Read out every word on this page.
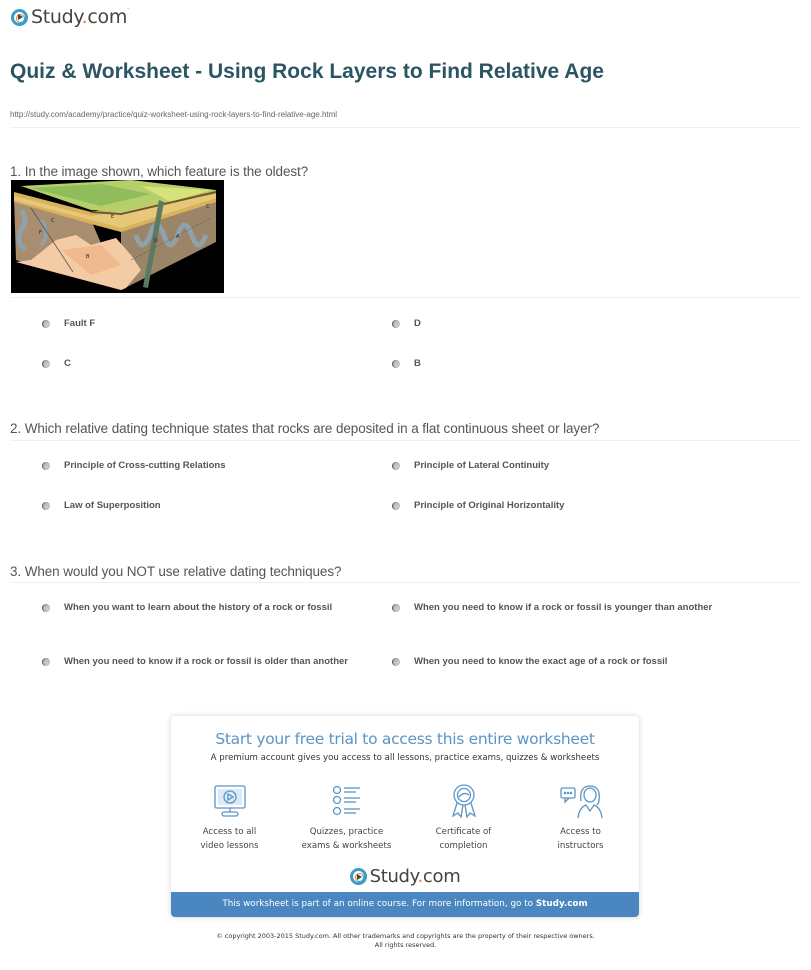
Study.com·
Quiz & Worksheet - Using Rock Layers to Find Relative Age
http://study.com/academy/practice/quiz-worksheet-using-rock-layers-to-find-relative-age.html
1. In the image shown, which feature is the oldest?
C
E
C
F
D
A
B
Fault F	D
C	B
2. Which relative dating technique states that rocks are deposited in a flat continuous sheet or layer?
Principle of Cross-cutting Relations	Principle of Lateral Continuity
Law of Superposition	Principle of Original Horizontality
3. When would you NOT use relative dating techniques?
When you want to learn about the history of a rock or fossil	When you need to know if a rock or fossil is younger than another
When you need to know if a rock or fossil is older than another	When you need to know the exact age of a rock or fossil
Start your free trial to access this entire worksheet
A premium account gives you access to all lessons, practice exams, quizzes & worksheets
Access to all
video lessons
Quizzes, practice
exams & worksheets
Certificate of
completion
Access to
instructors
Study.com
This worksheet is part of an online course. For more information, go to Study.com
© copyright 2003-2015 Study.com. All other trademarks and copyrights are the property of their respective owners.
All rights reserved.
